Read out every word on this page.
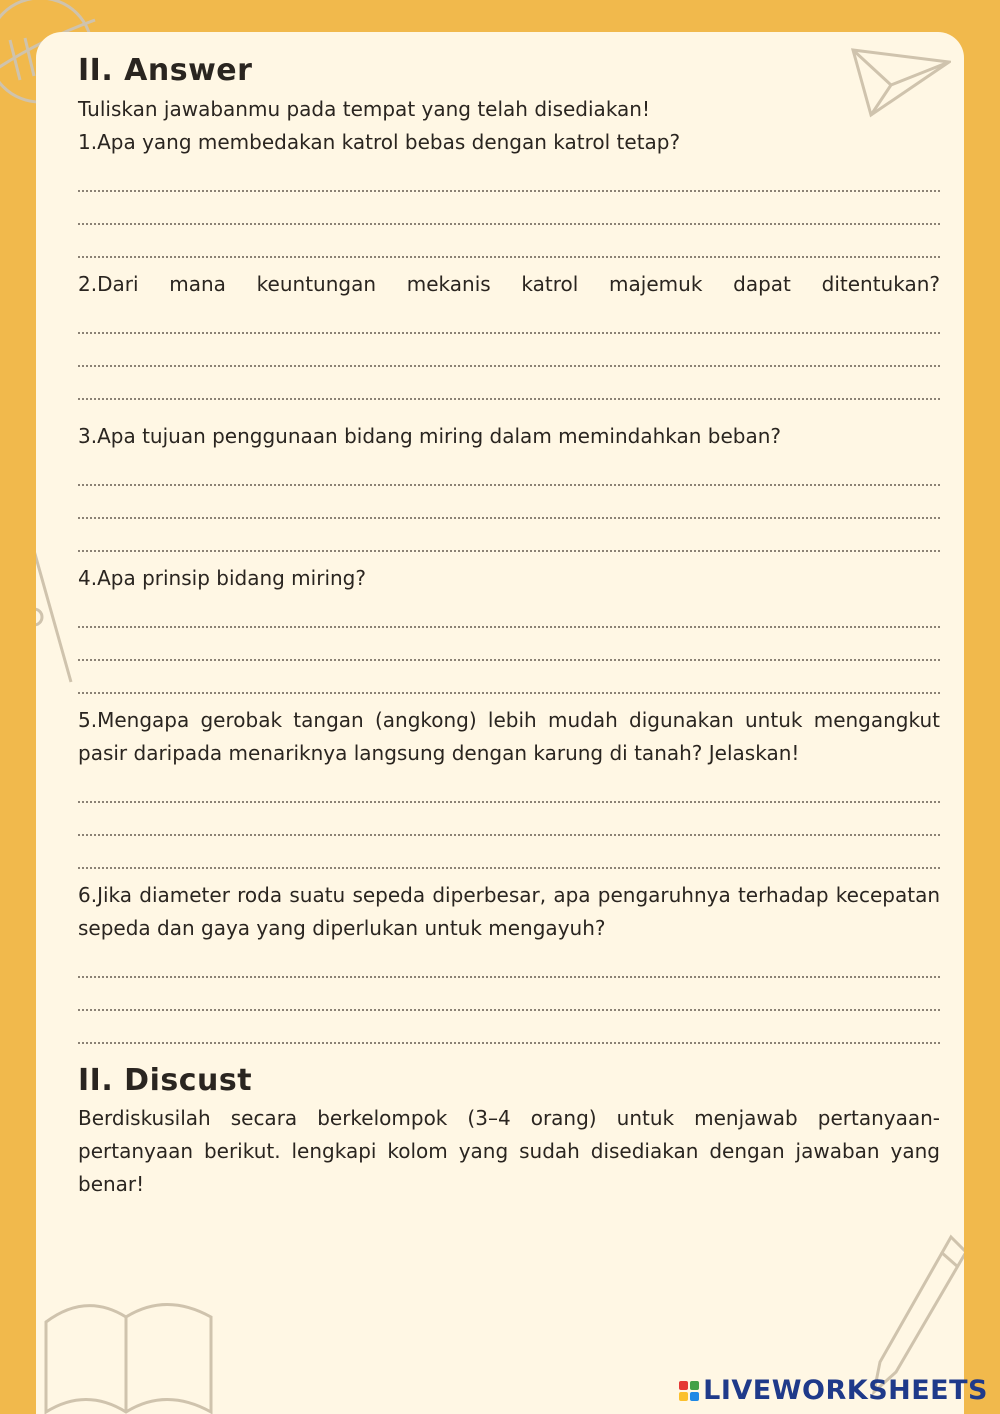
II. Answer

Tuliskan jawabanmu pada tempat yang telah disediakan!

1.Apa yang membedakan katrol bebas dengan katrol tetap?

2.Dari mana keuntungan mekanis katrol majemuk dapat ditentukan?

3.Apa tujuan penggunaan bidang miring dalam memindahkan beban?

4.Apa prinsip bidang miring?

5.Mengapa gerobak tangan (angkong) lebih mudah digunakan untuk mengangkut pasir daripada menariknya langsung dengan karung di tanah? Jelaskan!

6.Jika diameter roda suatu sepeda diperbesar, apa pengaruhnya terhadap kecepatan sepeda dan gaya yang diperlukan untuk mengayuh?

II. Discust

Berdiskusilah secara berkelompok (3–4 orang) untuk menjawab pertanyaan-pertanyaan berikut. lengkapi kolom yang sudah disediakan dengan jawaban yang benar!

LIVEWORKSHEETS
